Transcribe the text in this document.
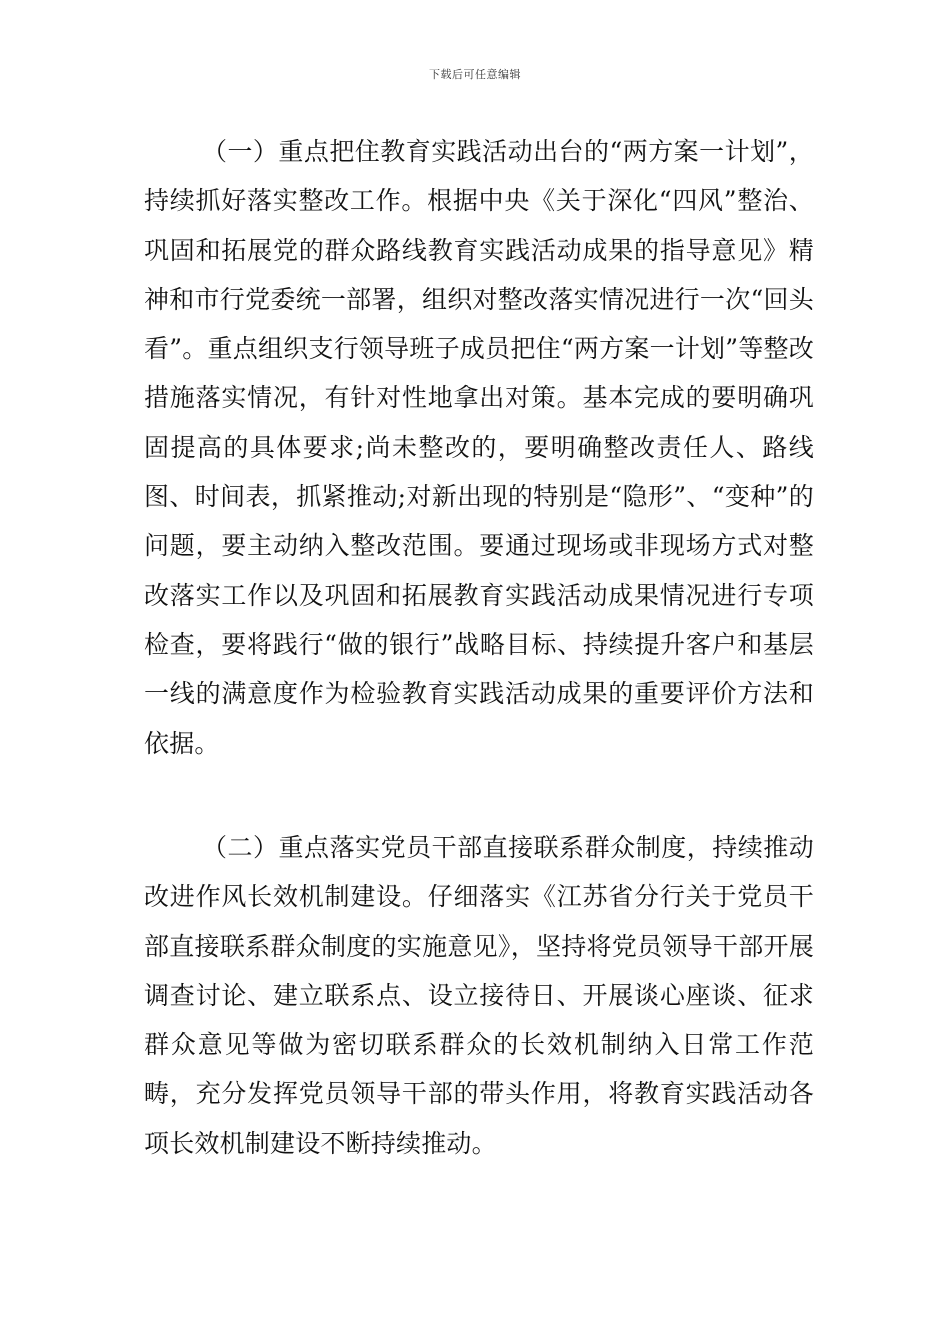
下载后可任意编辑

（一）重点把住教育实践活动出台的“两方案一计划”，持续抓好落实整改工作。根据中央《关于深化“四风”整治、巩固和拓展党的群众路线教育实践活动成果的指导意见》精神和市行党委统一部署，组织对整改落实情况进行一次“回头看”。重点组织支行领导班子成员把住“两方案一计划”等整改措施落实情况，有针对性地拿出对策。基本完成的要明确巩固提高的具体要求;尚未整改的，要明确整改责任人、路线图、时间表，抓紧推动;对新出现的特别是“隐形”、“变种”的问题，要主动纳入整改范围。要通过现场或非现场方式对整改落实工作以及巩固和拓展教育实践活动成果情况进行专项检查，要将践行“做的银行”战略目标、持续提升客户和基层一线的满意度作为检验教育实践活动成果的重要评价方法和依据。

（二）重点落实党员干部直接联系群众制度，持续推动改进作风长效机制建设。仔细落实《江苏省分行关于党员干部直接联系群众制度的实施意见》，坚持将党员领导干部开展调查讨论、建立联系点、设立接待日、开展谈心座谈、征求群众意见等做为密切联系群众的长效机制纳入日常工作范畴，充分发挥党员领导干部的带头作用，将教育实践活动各项长效机制建设不断持续推动。
